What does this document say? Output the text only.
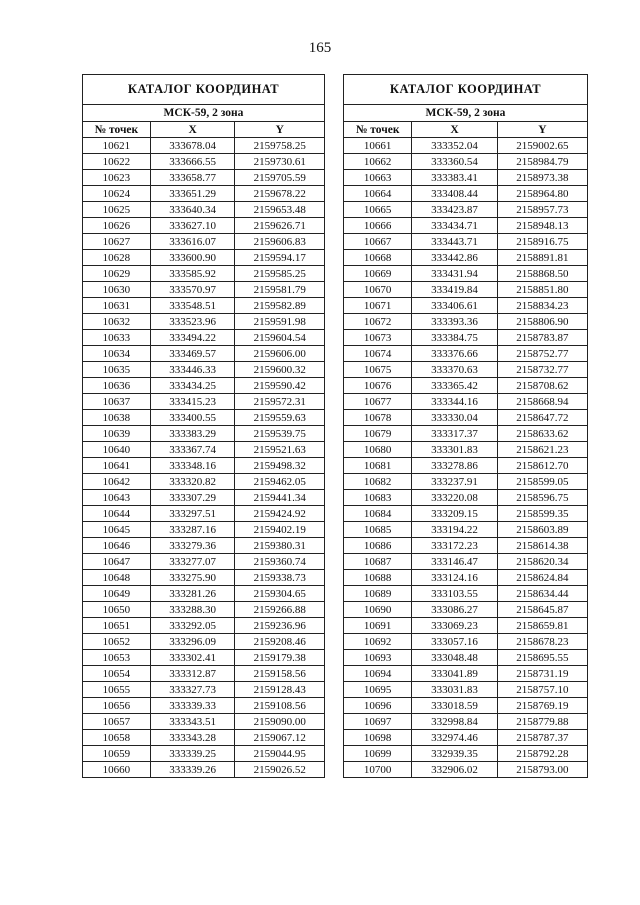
165
КАТАЛОГ КООРДИНАТ		
МСК-59, 2 зона		
№ точек	X	Y
10621	333678.04	2159758.25
10622	333666.55	2159730.61
10623	333658.77	2159705.59
10624	333651.29	2159678.22
10625	333640.34	2159653.48
10626	333627.10	2159626.71
10627	333616.07	2159606.83
10628	333600.90	2159594.17
10629	333585.92	2159585.25
10630	333570.97	2159581.79
10631	333548.51	2159582.89
10632	333523.96	2159591.98
10633	333494.22	2159604.54
10634	333469.57	2159606.00
10635	333446.33	2159600.32
10636	333434.25	2159590.42
10637	333415.23	2159572.31
10638	333400.55	2159559.63
10639	333383.29	2159539.75
10640	333367.74	2159521.63
10641	333348.16	2159498.32
10642	333320.82	2159462.05
10643	333307.29	2159441.34
10644	333297.51	2159424.92
10645	333287.16	2159402.19
10646	333279.36	2159380.31
10647	333277.07	2159360.74
10648	333275.90	2159338.73
10649	333281.26	2159304.65
10650	333288.30	2159266.88
10651	333292.05	2159236.96
10652	333296.09	2159208.46
10653	333302.41	2159179.38
10654	333312.87	2159158.56
10655	333327.73	2159128.43
10656	333339.33	2159108.56
10657	333343.51	2159090.00
10658	333343.28	2159067.12
10659	333339.25	2159044.95
10660	333339.26	2159026.52
КАТАЛОГ КООРДИНАТ		
МСК-59, 2 зона		
№ точек	X	Y
10661	333352.04	2159002.65
10662	333360.54	2158984.79
10663	333383.41	2158973.38
10664	333408.44	2158964.80
10665	333423.87	2158957.73
10666	333434.71	2158948.13
10667	333443.71	2158916.75
10668	333442.86	2158891.81
10669	333431.94	2158868.50
10670	333419.84	2158851.80
10671	333406.61	2158834.23
10672	333393.36	2158806.90
10673	333384.75	2158783.87
10674	333376.66	2158752.77
10675	333370.63	2158732.77
10676	333365.42	2158708.62
10677	333344.16	2158668.94
10678	333330.04	2158647.72
10679	333317.37	2158633.62
10680	333301.83	2158621.23
10681	333278.86	2158612.70
10682	333237.91	2158599.05
10683	333220.08	2158596.75
10684	333209.15	2158599.35
10685	333194.22	2158603.89
10686	333172.23	2158614.38
10687	333146.47	2158620.34
10688	333124.16	2158624.84
10689	333103.55	2158634.44
10690	333086.27	2158645.87
10691	333069.23	2158659.81
10692	333057.16	2158678.23
10693	333048.48	2158695.55
10694	333041.89	2158731.19
10695	333031.83	2158757.10
10696	333018.59	2158769.19
10697	332998.84	2158779.88
10698	332974.46	2158787.37
10699	332939.35	2158792.28
10700	332906.02	2158793.00
